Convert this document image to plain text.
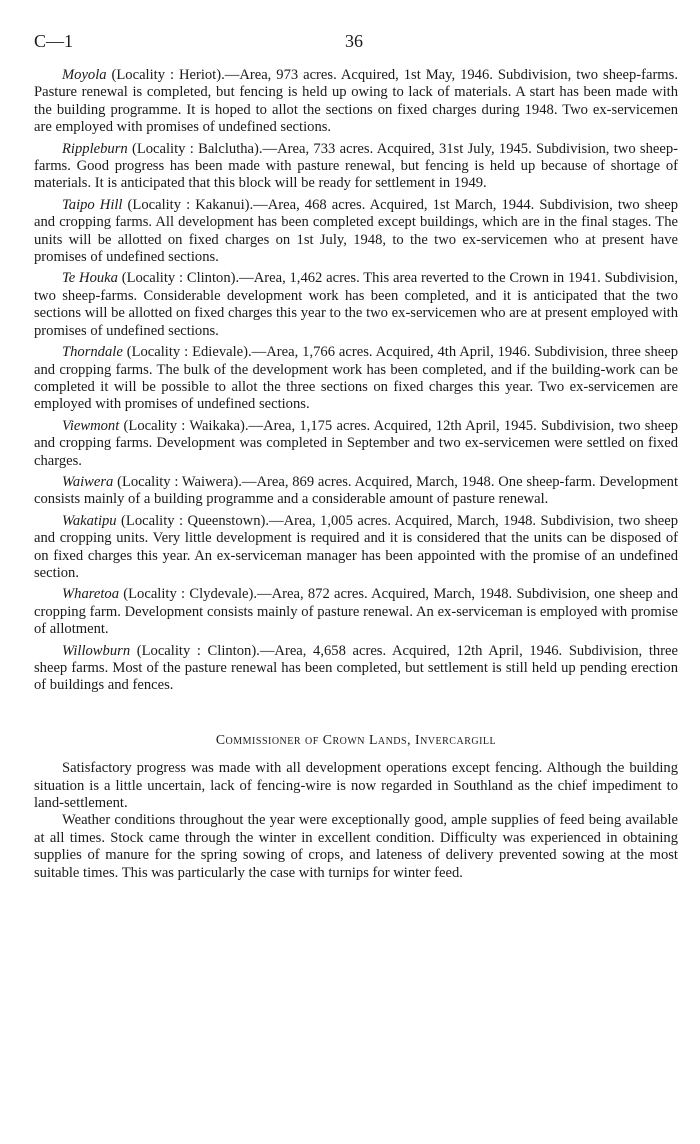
C—1	36

Moyola (Locality : Heriot).—Area, 973 acres. Acquired, 1st May, 1946. Subdivision, two sheep-farms. Pasture renewal is completed, but fencing is held up owing to lack of materials. A start has been made with the building programme. It is hoped to allot the sections on fixed charges during 1948. Two ex-servicemen are employed with promises of undefined sections.

Rippleburn (Locality : Balclutha).—Area, 733 acres. Acquired, 31st July, 1945. Subdivision, two sheep-farms. Good progress has been made with pasture renewal, but fencing is held up because of shortage of materials. It is anticipated that this block will be ready for settlement in 1949.

Taipo Hill (Locality : Kakanui).—Area, 468 acres. Acquired, 1st March, 1944. Subdivision, two sheep and cropping farms. All development has been completed except buildings, which are in the final stages. The units will be allotted on fixed charges on 1st July, 1948, to the two ex-servicemen who at present have promises of undefined sections.

Te Houka (Locality : Clinton).—Area, 1,462 acres. This area reverted to the Crown in 1941. Subdivision, two sheep-farms. Considerable development work has been completed, and it is anticipated that the two sections will be allotted on fixed charges this year to the two ex-servicemen who are at present employed with promises of undefined sections.

Thorndale (Locality : Edievale).—Area, 1,766 acres. Acquired, 4th April, 1946. Subdivision, three sheep and cropping farms. The bulk of the development work has been completed, and if the building-work can be completed it will be possible to allot the three sections on fixed charges this year. Two ex-servicemen are employed with promises of undefined sections.

Viewmont (Locality : Waikaka).—Area, 1,175 acres. Acquired, 12th April, 1945. Subdivision, two sheep and cropping farms. Development was completed in September and two ex-servicemen were settled on fixed charges.

Waiwera (Locality : Waiwera).—Area, 869 acres. Acquired, March, 1948. One sheep-farm. Development consists mainly of a building programme and a considerable amount of pasture renewal.

Wakatipu (Locality : Queenstown).—Area, 1,005 acres. Acquired, March, 1948. Subdivision, two sheep and cropping units. Very little development is required and it is considered that the units can be disposed of on fixed charges this year. An ex-serviceman manager has been appointed with the promise of an undefined section.

Wharetoa (Locality : Clydevale).—Area, 872 acres. Acquired, March, 1948. Subdivision, one sheep and cropping farm. Development consists mainly of pasture renewal. An ex-serviceman is employed with promise of allotment.

Willowburn (Locality : Clinton).—Area, 4,658 acres. Acquired, 12th April, 1946. Subdivision, three sheep farms. Most of the pasture renewal has been completed, but settlement is still held up pending erection of buildings and fences.

Commissioner of Crown Lands, Invercargill

Satisfactory progress was made with all development operations except fencing. Although the building situation is a little uncertain, lack of fencing-wire is now regarded in Southland as the chief impediment to land-settlement.

Weather conditions throughout the year were exceptionally good, ample supplies of feed being available at all times. Stock came through the winter in excellent condition. Difficulty was experienced in obtaining supplies of manure for the spring sowing of crops, and lateness of delivery prevented sowing at the most suitable times. This was particularly the case with turnips for winter feed.
